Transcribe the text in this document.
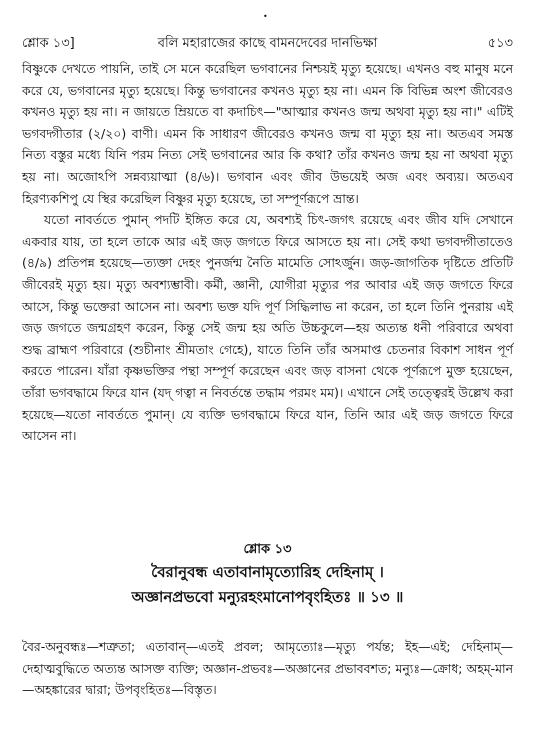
•
শ্লোক ১৩]	বলি মহারাজের কাছে বামনদেবের দানভিক্ষা	৫১৩

বিষ্ণুকে দেখতে পায়নি, তাই সে মনে করেছিল ভগবানের নিশ্চয়ই মৃত্যু হয়েছে। এখনও বহু মানুষ মনে করে যে, ভগবানের মৃত্যু হয়েছে। কিন্তু ভগবানের কখনও মৃত্যু হয় না। এমন কি বিভিন্ন অংশ জীবেরও কখনও মৃত্যু হয় না। ন জায়তে ম্রিয়তে বা কদাচিৎ—"আত্মার কখনও জন্ম অথবা মৃত্যু হয় না।" এটিই ভগবদ্গীতার (২/২০) বাণী। এমন কি সাধারণ জীবেরও কখনও জন্ম বা মৃত্যু হয় না। অতএব সমস্ত নিত্য বস্তুর মধ্যে যিনি পরম নিত্য সেই ভগবানের আর কি কথা? তাঁর কখনও জন্ম হয় না অথবা মৃত্যু হয় না। অজোঽপি সন্নব্যয়াত্মা (৪/৬)। ভগবান এবং জীব উভয়েই অজ এবং অব্যয়। অতএব হিরণ্যকশিপু যে স্থির করেছিল বিষ্ণুর মৃত্যু হয়েছে, তা সম্পূর্ণরূপে ভ্রান্ত।

যতো নাবর্ততে পুমান্‌ পদটি ইঙ্গিত করে যে, অবশ্যই চিৎ-জগৎ রয়েছে এবং জীব যদি সেখানে একবার যায়, তা হলে তাকে আর এই জড় জগতে ফিরে আসতে হয় না। সেই কথা ভগবদ্গীতাতেও (৪/৯) প্রতিপন্ন হয়েছে—ত্যক্তা দেহং পুনর্জন্ম নৈতি মামেতি সোঽর্জুন। জড়-জাগতিক দৃষ্টিতে প্রতিটি জীবেরই মৃত্যু হয়। মৃত্যু অবশ্যম্ভাবী। কর্মী, জ্ঞানী, যোগীরা মৃত্যুর পর আবার এই জড় জগতে ফিরে আসে, কিন্তু ভক্তেরা আসেন না। অবশ্য ভক্ত যদি পূর্ণ সিদ্ধিলাভ না করেন, তা হলে তিনি পুনরায় এই জড় জগতে জন্মগ্রহণ করেন, কিন্তু সেই জন্ম হয় অতি উচ্চকুলে—হয় অত্যন্ত ধনী পরিবারে অথবা শুদ্ধ ব্রাহ্মণ পরিবারে (শুচীনাং শ্রীমতাং গেহে), যাতে তিনি তাঁর অসমাপ্ত চেতনার বিকাশ সাধন পূর্ণ করতে পারেন। যাঁরা কৃষ্ণভক্তির পন্থা সম্পূর্ণ করেছেন এবং জড় বাসনা থেকে পূর্ণরূপে মুক্ত হয়েছেন, তাঁরা ভগবদ্ধামে ফিরে যান (যদ্ গত্বা ন নিবর্তন্তে তদ্ধাম পরমং মম)। এখানে সেই তত্ত্বেরই উল্লেখ করা হয়েছে—যতো নাবর্ততে পুমান্‌। যে ব্যক্তি ভগবদ্ধামে ফিরে যান, তিনি আর এই জড় জগতে ফিরে আসেন না।

শ্লোক ১৩
বৈরানুবন্ধ এতাবানামৃত্যোরিহ দেহিনাম্ ।
অজ্ঞানপ্রভবো মন্যুরহংমানোপবৃংহিতঃ ॥ ১৩ ॥
বৈর-অনুবন্ধঃ—শত্রুতা; এতাবান্—এতই প্রবল; আমৃত্যোঃ—মৃত্যু পর্যন্ত; ইহ—এই; দেহিনাম্—দেহাত্মবুদ্ধিতে অত্যন্ত আসক্ত ব্যক্তি; অজ্ঞান-প্রভবঃ—অজ্ঞানের প্রভাববশত; মন্যুঃ—ক্রোধ; অহম্-মান—অহঙ্কারের দ্বারা; উপবৃংহিতঃ—বিস্তৃত।
